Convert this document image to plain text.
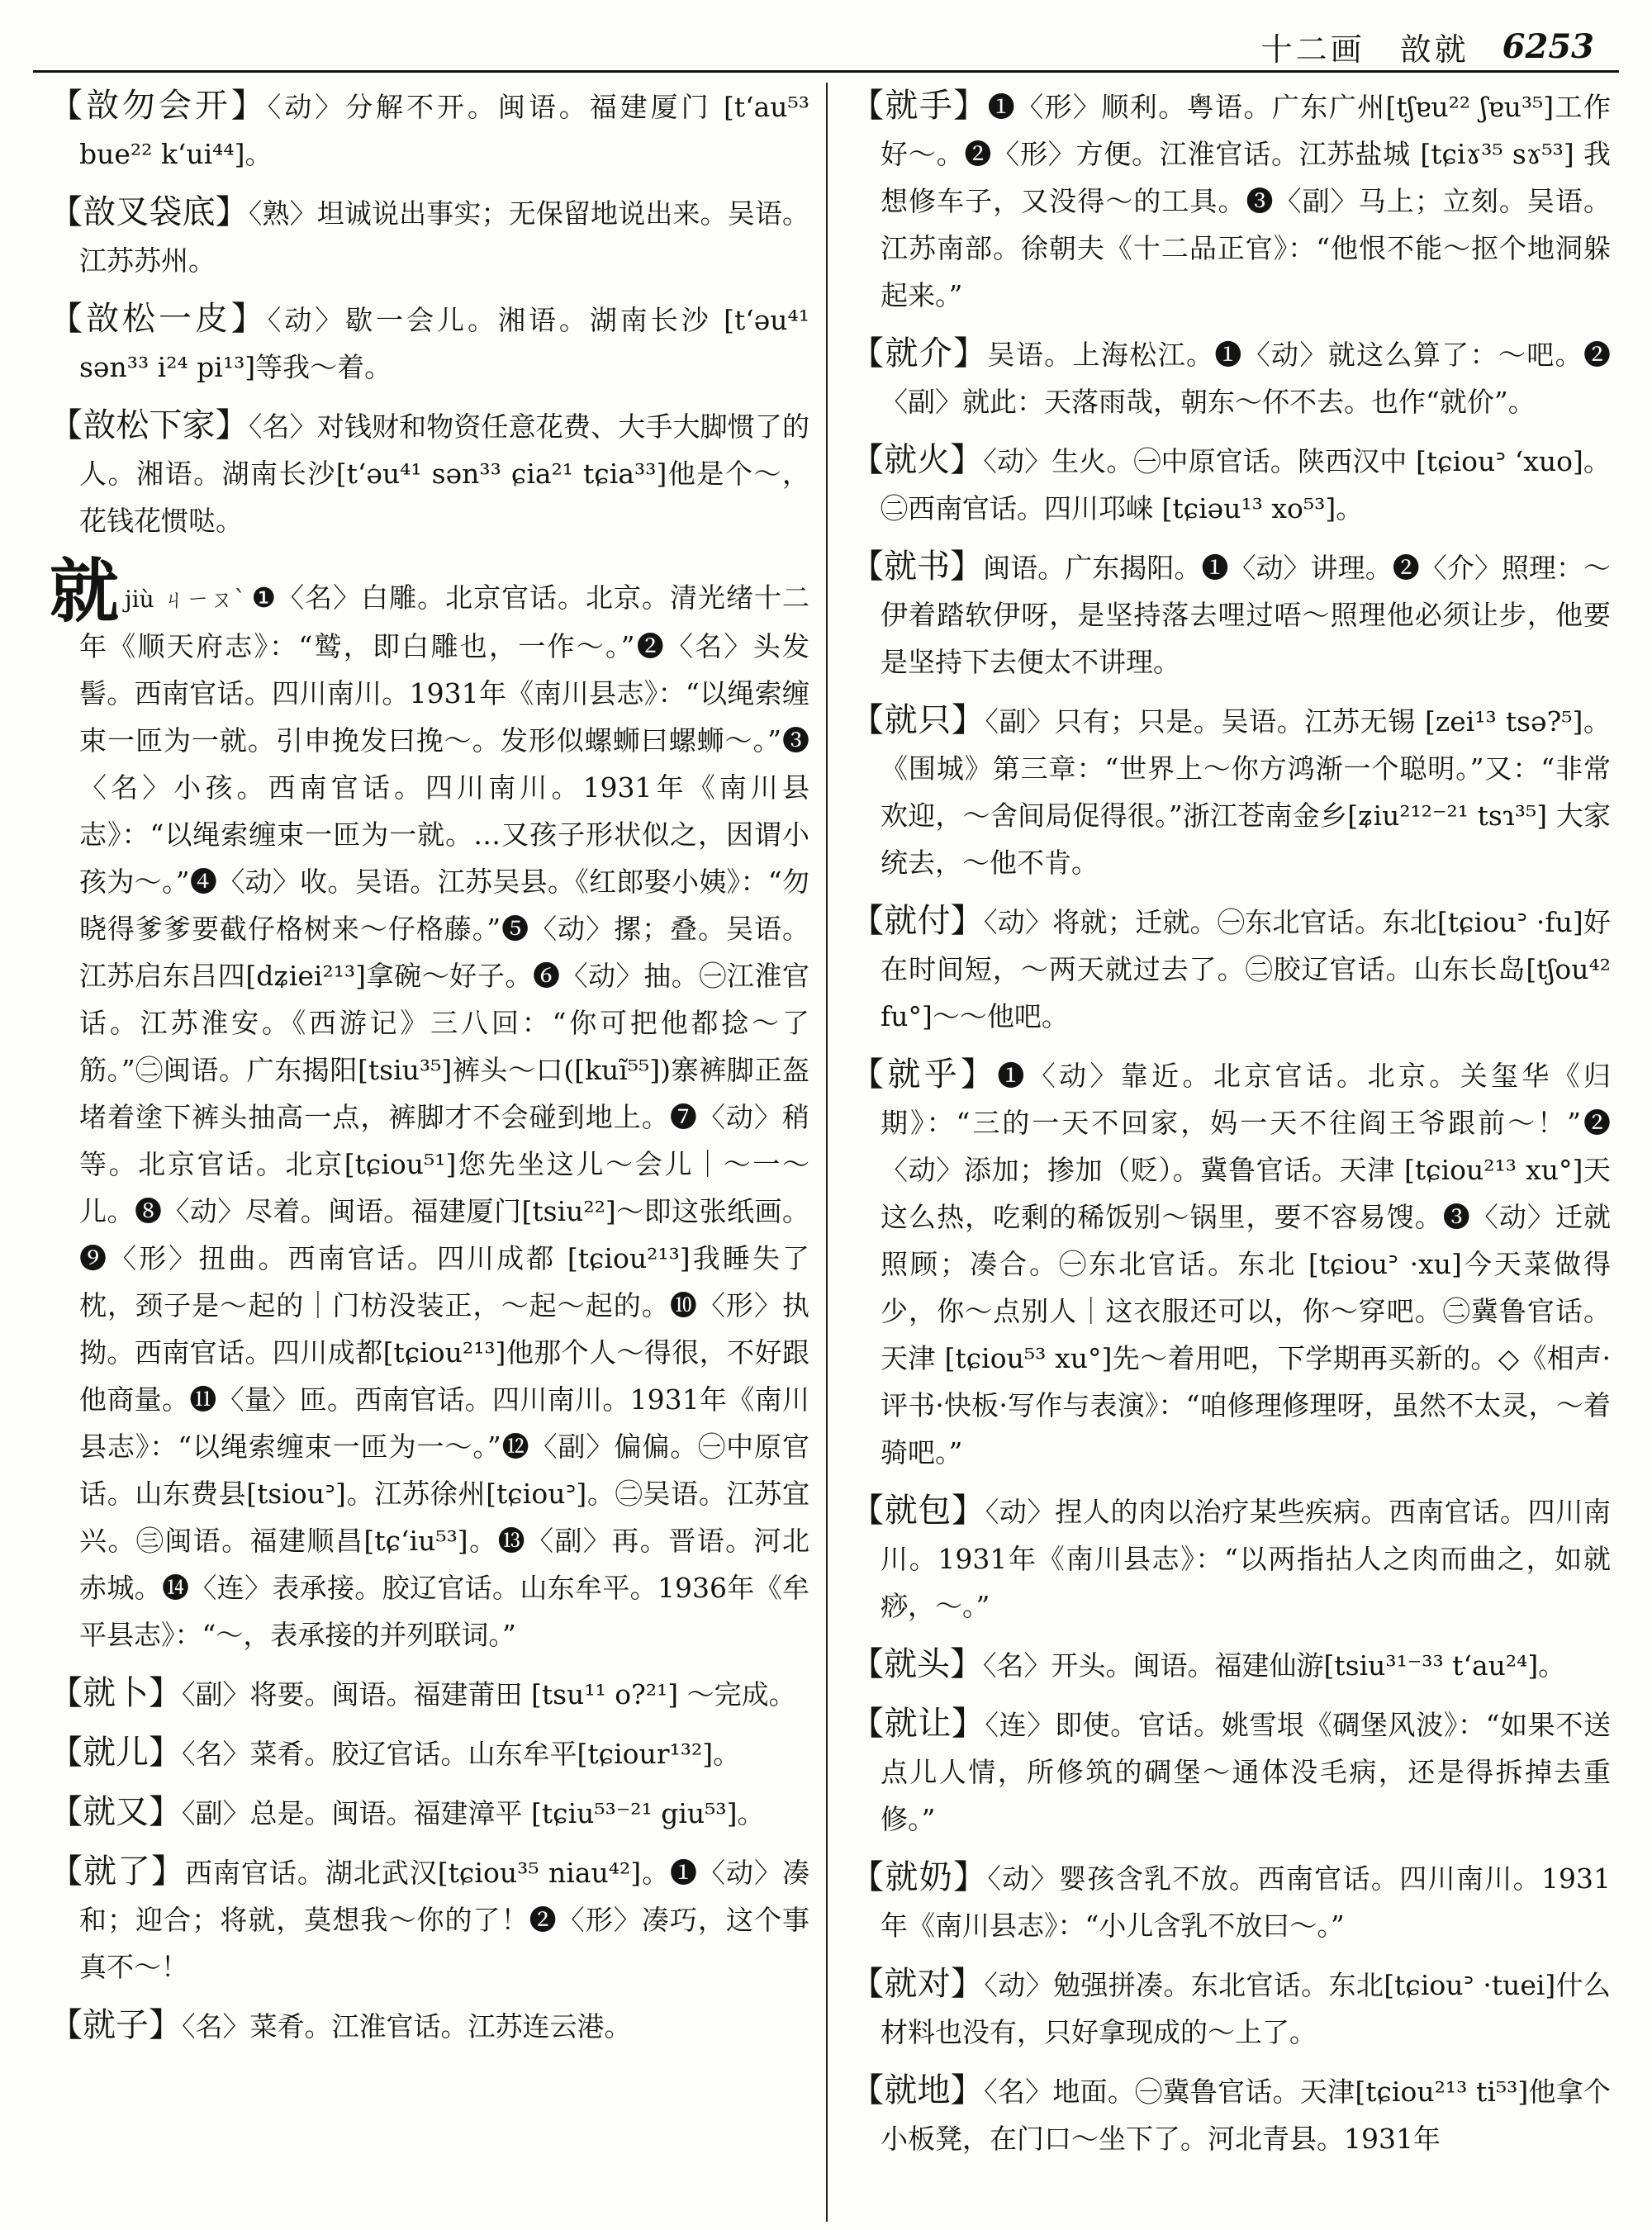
十二画　敨就 6253
【敨勿会开】〈动〉分解不开。闽语。福建厦门 [tʻau⁵³ bue²² kʻui⁴⁴]。
【敨叉袋底】〈熟〉坦诚说出事实；无保留地说出来。吴语。江苏苏州。
【敨松一皮】〈动〉歇一会儿。湘语。湖南长沙 [tʻəu⁴¹ sən³³ i²⁴ pi¹³]等我～着。
【敨松下家】〈名〉对钱财和物资任意花费、大手大脚惯了的人。湘语。湖南长沙[tʻəu⁴¹ sən³³ ɕia²¹ tɕia³³]他是个～，花钱花惯哒。
就jiù ㄐㄧㄡˋ ❶〈名〉白雕。北京官话。北京。清光绪十二年《顺天府志》：“鹫，即白雕也，一作～。”❷〈名〉头发髻。西南官话。四川南川。1931年《南川县志》：“以绳索缠束一匝为一就。引申挽发曰挽～。发形似螺蛳曰螺蛳～。”❸〈名〉小孩。西南官话。四川南川。1931年《南川县志》：“以绳索缠束一匝为一就。…又孩子形状似之，因谓小孩为～。”❹〈动〉收。吴语。江苏吴县。《红郎娶小姨》：“勿晓得爹爹要截仔格树来～仔格藤。”❺〈动〉摞；叠。吴语。江苏启东吕四[dʑiei²¹³]拿碗～好子。❻〈动〉抽。㊀江淮官话。江苏淮安。《西游记》三八回：“你可把他都捻～了筋。”㊁闽语。广东揭阳[tsiu³⁵]裤头～口([kuĩ⁵⁵])寨裤脚正盔堵着塗下裤头抽高一点，裤脚才不会碰到地上。❼〈动〉稍等。北京官话。北京[tɕiou⁵¹]您先坐这儿～会儿｜～一～儿。❽〈动〉尽着。闽语。福建厦门[tsiu²²]～即这张纸画。❾〈形〉扭曲。西南官话。四川成都 [tɕiou²¹³]我睡失了枕，颈子是～起的｜门枋没装正，～起～起的。❿〈形〉执拗。西南官话。四川成都[tɕiou²¹³]他那个人～得很，不好跟他商量。⓫〈量〉匝。西南官话。四川南川。1931年《南川县志》：“以绳索缠束一匝为一～。”⓬〈副〉偏偏。㊀中原官话。山东费县[tsiouᐣ]。江苏徐州[tɕiouᐣ]。㊁吴语。江苏宜兴。㊂闽语。福建顺昌[tɕʻiu⁵³]。⓭〈副〉再。晋语。河北赤城。⓮〈连〉表承接。胶辽官话。山东牟平。1936年《牟平县志》：“～，表承接的并列联词。”
【就卜】〈副〉将要。闽语。福建莆田 [tsu¹¹ o?²¹] ～完成。
【就儿】〈名〉菜肴。胶辽官话。山东牟平[tɕiour¹³²]。
【就又】〈副〉总是。闽语。福建漳平 [tɕiu⁵³⁻²¹ giu⁵³]。
【就了】西南官话。湖北武汉[tɕiou³⁵ niau⁴²]。❶〈动〉凑和；迎合；将就，莫想我～你的了！❷〈形〉凑巧，这个事真不～！
【就子】〈名〉菜肴。江淮官话。江苏连云港。
【就手】❶〈形〉顺利。粤语。广东广州[tʃɐu²² ʃɐu³⁵]工作好～。❷〈形〉方便。江淮官话。江苏盐城 [tɕiɤ³⁵ sɤ⁵³] 我想修车子，又没得～的工具。❸〈副〉马上；立刻。吴语。江苏南部。徐朝夫《十二品正官》：“他恨不能～抠个地洞躲起来。”
【就介】吴语。上海松江。❶〈动〉就这么算了：～吧。❷〈副〉就此：天落雨哉，朝东～伓不去。也作“就价”。
【就火】〈动〉生火。㊀中原官话。陕西汉中 [tɕiouᐣ ʻxuo]。㊁西南官话。四川邛崃 [tɕiəu¹³ xo⁵³]。
【就书】闽语。广东揭阳。❶〈动〉讲理。❷〈介〉照理：～伊着踏软伊呀，是坚持落去哩过唔～照理他必须让步，他要是坚持下去便太不讲理。
【就只】〈副〉只有；只是。吴语。江苏无锡 [zei¹³ tsə?⁵]。《围城》第三章：“世界上～你方鸿渐一个聪明。”又：“非常欢迎，～舍间局促得很。”浙江苍南金乡[ʑiu²¹²⁻²¹ tsɿ³⁵] 大家统去，～他不肯。
【就付】〈动〉将就；迁就。㊀东北官话。东北[tɕiouᐣ ·fu]好在时间短，～两天就过去了。㊁胶辽官话。山东长岛[tʃou⁴² fu°]～～他吧。
【就乎】❶〈动〉靠近。北京官话。北京。关玺华《归期》：“三的一天不回家，妈一天不往阎王爷跟前～！”❷〈动〉添加；掺加（贬）。冀鲁官话。天津 [tɕiou²¹³ xu°]天这么热，吃剩的稀饭别～锅里，要不容易馊。❸〈动〉迁就照顾；凑合。㊀东北官话。东北 [tɕiouᐣ ·xu]今天菜做得少，你～点别人｜这衣服还可以，你～穿吧。㊁冀鲁官话。天津 [tɕiou⁵³ xu°]先～着用吧，下学期再买新的。◇《相声·评书·快板·写作与表演》：“咱修理修理呀，虽然不太灵，～着骑吧。”
【就包】〈动〉捏人的肉以治疗某些疾病。西南官话。四川南川。1931年《南川县志》：“以两指拈人之肉而曲之，如就痧，～。”
【就头】〈名〉开头。闽语。福建仙游[tsiu³¹⁻³³ tʻau²⁴]。
【就让】〈连〉即使。官话。姚雪垠《碉堡风波》：“如果不送点儿人情，所修筑的碉堡～通体没毛病，还是得拆掉去重修。”
【就奶】〈动〉婴孩含乳不放。西南官话。四川南川。1931年《南川县志》：“小儿含乳不放曰～。”
【就对】〈动〉勉强拼凑。东北官话。东北[tɕiouᐣ ·tuei]什么材料也没有，只好拿现成的～上了。
【就地】〈名〉地面。㊀冀鲁官话。天津[tɕiou²¹³ ti⁵³]他拿个小板凳，在门口～坐下了。河北青县。1931年
